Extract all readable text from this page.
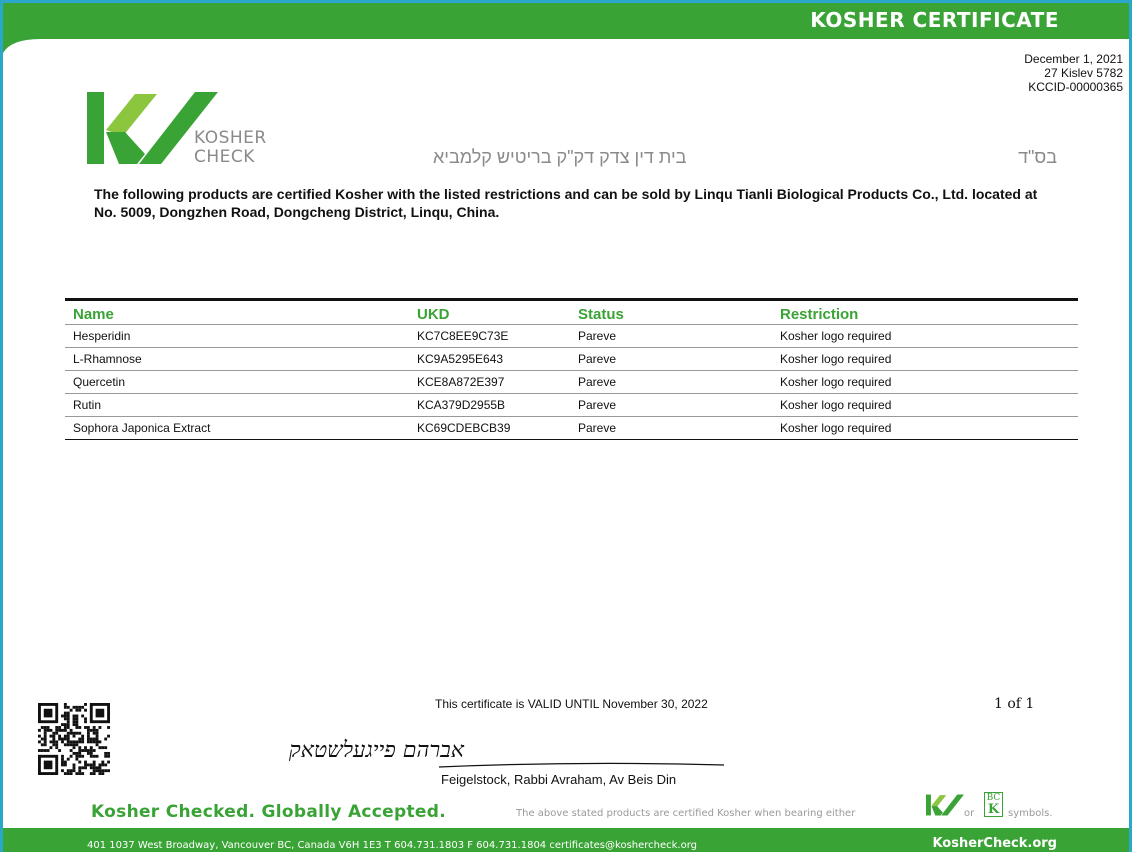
KOSHER CERTIFICATE
December 1, 2021
27 Kislev 5782
KCCID-00000365
KOSHER
CHECK	בית דין צדק דק"ק בריטיש קלמביא	בס"ד
The following products are certified Kosher with the listed restrictions and can be sold by Linqu Tianli Biological Products Co., Ltd. located at No. 5009, Dongzhen Road, Dongcheng District, Linqu, China.
Name	UKD	Status	Restriction
Hesperidin	KC7C8EE9C73E	Pareve	Kosher logo required
L-Rhamnose	KC9A5295E643	Pareve	Kosher logo required
Quercetin	KCE8A872E397	Pareve	Kosher logo required
Rutin	KCA379D2955B	Pareve	Kosher logo required
Sophora Japonica Extract	KC69CDEBCB39	Pareve	Kosher logo required
This certificate is VALID UNTIL November 30, 2022	1 of 1
אברהם פייגעלשטאק
Feigelstock, Rabbi Avraham, Av Beis Din
Kosher Checked. Globally Accepted.	The above stated products are certified Kosher when bearing either	or
BC
K symbols.
401 1037 West Broadway, Vancouver BC, Canada V6H 1E3 T 604.731.1803 F 604.731.1804 certificates@koshercheck.org	KosherCheck.org
